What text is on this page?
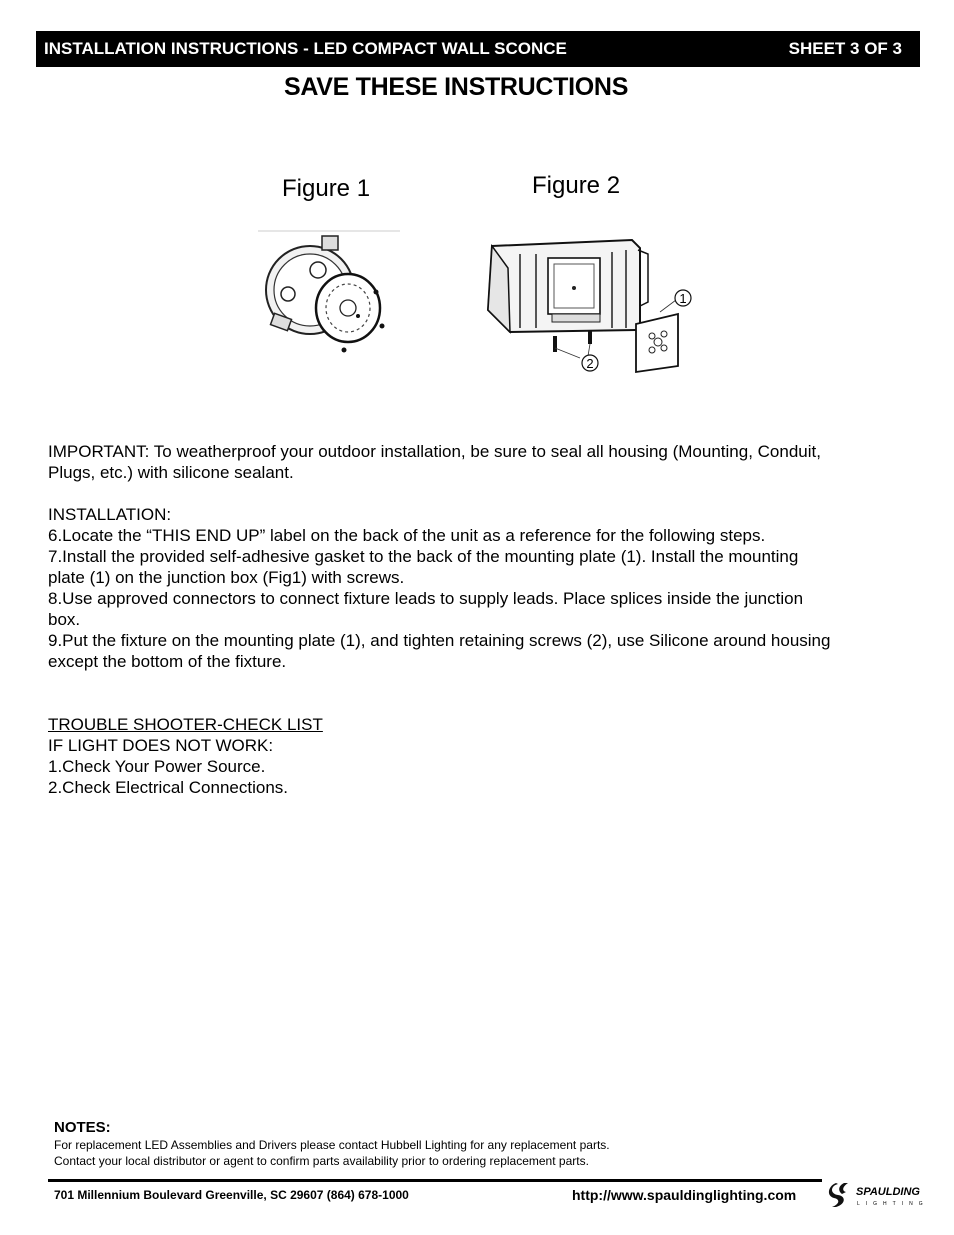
INSTALLATION INSTRUCTIONS - LED COMPACT WALL SCONCE	SHEET 3 OF 3
SAVE THESE INSTRUCTIONS
Figure 1	Figure 2
1
2

IMPORTANT: To weatherproof your outdoor installation, be sure to seal all housing (Mounting, Conduit,

Plugs, etc.) with silicone sealant.

INSTALLATION:

6.Locate the “THIS END UP” label on the back of the unit as a reference for the following steps.

7.Install the provided self-adhesive gasket to the back of the mounting plate (1). Install the mounting

plate (1) on the junction box (Fig1) with screws.

8.Use approved connectors to connect fixture leads to supply leads. Place splices inside the junction

box.

9.Put the fixture on the mounting plate (1), and tighten retaining screws (2), use Silicone around housing

except the bottom of the fixture.

TROUBLE SHOOTER-CHECK LIST

IF LIGHT DOES NOT WORK:

1.Check Your Power Source.

2.Check Electrical Connections.

NOTES:
For replacement LED Assemblies and Drivers please contact Hubbell Lighting for any replacement parts.
Contact your local distributor or agent to confirm parts availability prior to ordering replacement parts.
701 Millennium Boulevard Greenville, SC 29607 (864) 678-1000	http://www.spauldinglighting.com	SPAULDING
LIGHTING
